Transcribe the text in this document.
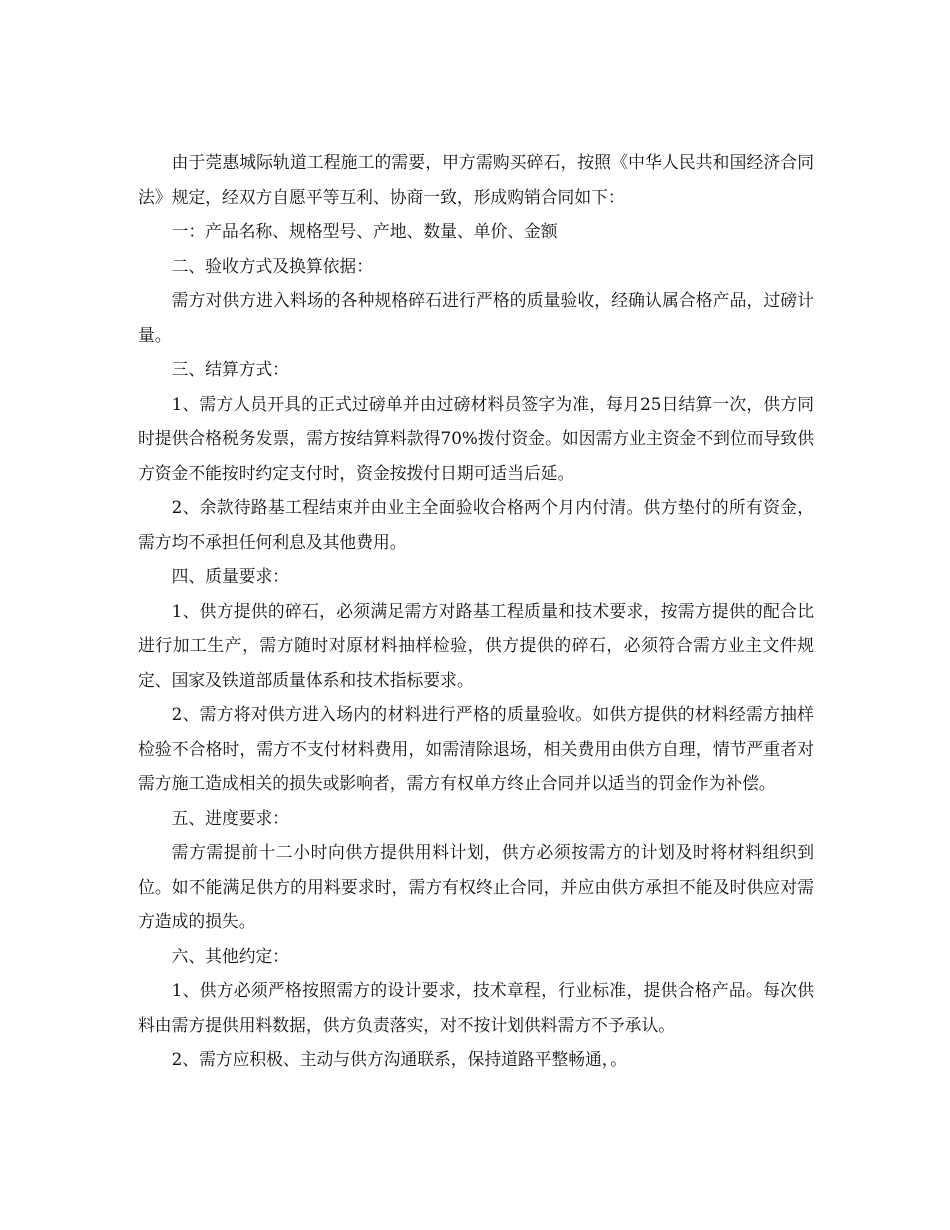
由于莞惠城际轨道工程施工的需要，甲方需购买碎石，按照《中华人民共和国经济合同法》规定，经双方自愿平等互利、协商一致，形成购销合同如下：

一：产品名称、规格型号、产地、数量、单价、金额

二、验收方式及换算依据：

需方对供方进入料场的各种规格碎石进行严格的质量验收，经确认属合格产品，过磅计量。

三、结算方式：

1、需方人员开具的正式过磅单并由过磅材料员签字为准，每月25日结算一次，供方同时提供合格税务发票，需方按结算料款得70%拨付资金。如因需方业主资金不到位而导致供方资金不能按时约定支付时，资金按拨付日期可适当后延。

2、余款待路基工程结束并由业主全面验收合格两个月内付清。供方垫付的所有资金，需方均不承担任何利息及其他费用。

四、质量要求：

1、供方提供的碎石，必须满足需方对路基工程质量和技术要求，按需方提供的配合比进行加工生产，需方随时对原材料抽样检验，供方提供的碎石，必须符合需方业主文件规定、国家及铁道部质量体系和技术指标要求。

2、需方将对供方进入场内的材料进行严格的质量验收。如供方提供的材料经需方抽样检验不合格时，需方不支付材料费用，如需清除退场，相关费用由供方自理，情节严重者对需方施工造成相关的损失或影响者，需方有权单方终止合同并以适当的罚金作为补偿。

五、进度要求：

需方需提前十二小时向供方提供用料计划，供方必须按需方的计划及时将材料组织到位。如不能满足供方的用料要求时，需方有权终止合同，并应由供方承担不能及时供应对需方造成的损失。

六、其他约定：

1、供方必须严格按照需方的设计要求，技术章程，行业标准，提供合格产品。每次供料由需方提供用料数据，供方负责落实，对不按计划供料需方不予承认。

2、需方应积极、主动与供方沟通联系，保持道路平整畅通，。
